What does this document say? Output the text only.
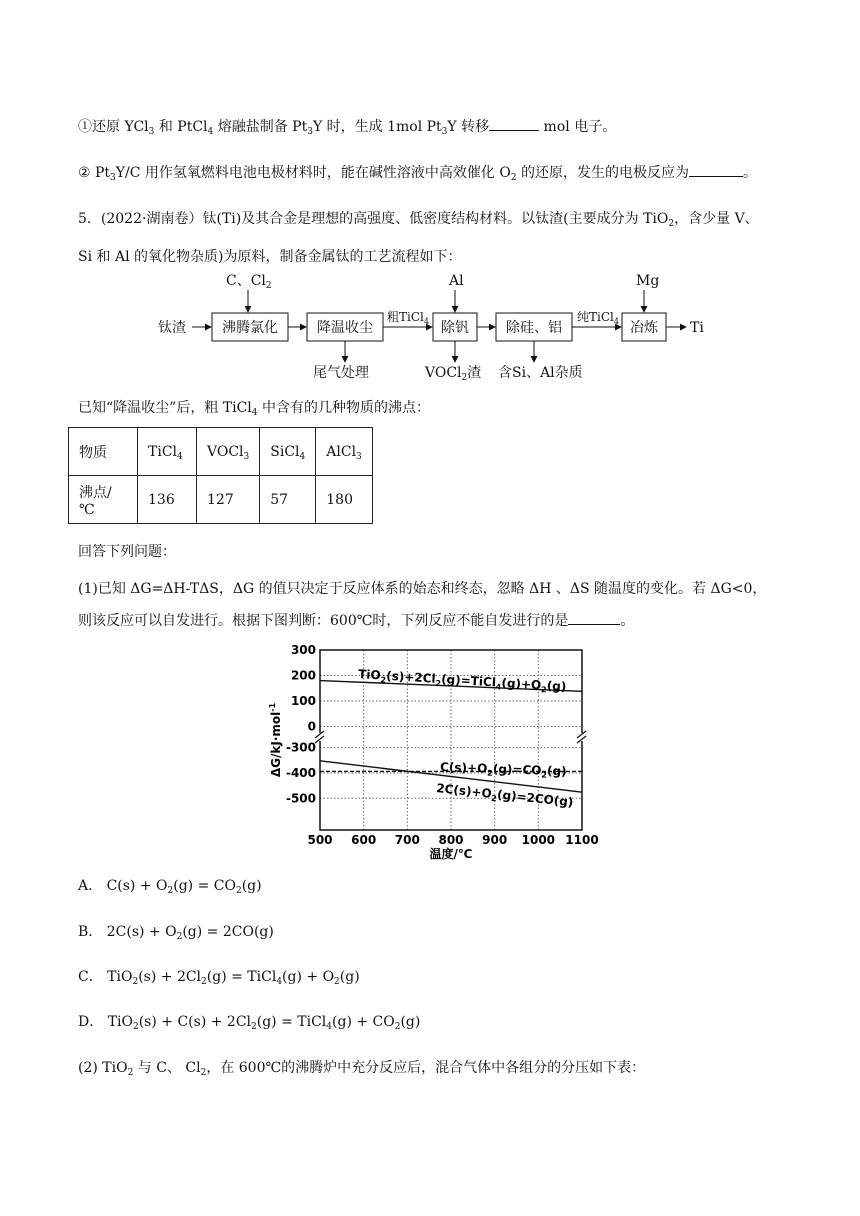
①还原 YCl$_3$ 和 PtCl$_4$ 熔融盐制备 $Pt_3Y$ 时，生成 1mol $Pt_3Y$ 转移	mol 电子。
② $Pt_3Y/C$ 用作氢氧燃料电池电极材料时，能在碱性溶液中高效催化 $O_2$ 的还原，发生的电极反应为	。
5．(2022·湖南卷）钛(Ti)及其合金是理想的高强度、低密度结构材料。以钛渣(主要成分为 TiO$_2$，含少量 V、
Si 和 Al 的氧化物杂质)为原料，制备金属钛的工艺流程如下：
钛渣
C、$Cl_2$
沸腾氯化	降温收尘
粗TiCl$_4$ 除钒
Al
除硅、铝
纯TiCl$_4$ 冶炼
Mg
Ti
尾气处理	VOCl$_2$渣 含Si、Al杂质
已知“降温收尘”后，粗 TiCl$_4$ 中含有的几种物质的沸点：
物质	TiCl$_4$	VOCl$_3$	SiCl$_4$	AlCl$_3$
沸点/℃	136	127	57	180
回答下列问题：
(1)已知 ΔG=ΔH-TΔS，ΔG 的值只决定于反应体系的始态和终态，忽略 ΔH 、ΔS 随温度的变化。若 ΔG<0，
则该反应可以自发进行。根据下图判断：600℃时，下列反应不能自发进行的是	。
500 600 700 800 900 1000 1100
300
200
100
0
-300
-400
-500
$TiO_2(s)+2Cl_2(g)=TiCl_4(g)+O_2(g)$
$C(s)+O_2(g)=CO_2(g)$
$2C(s)+O_2(g)=2CO(g)$
温度/℃
ΔG/kJ·mol$^{-1}$
A． $C(s) + O_2(g) = CO_2(g)$
B． $2C(s) + O_2(g) = 2CO(g)$
C． $TiO_2(s) + 2Cl_2(g)$ = TiCl$_4$(g) + $O_2(g)$
D． $TiO_2(s) + C(s) + 2Cl_2(g)$ = TiCl$_4$(g) + $CO_2(g)$
(2) TiO$_2$ 与 C、 $Cl_2$，在 600℃的沸腾炉中充分反应后，混合气体中各组分的分压如下表：
